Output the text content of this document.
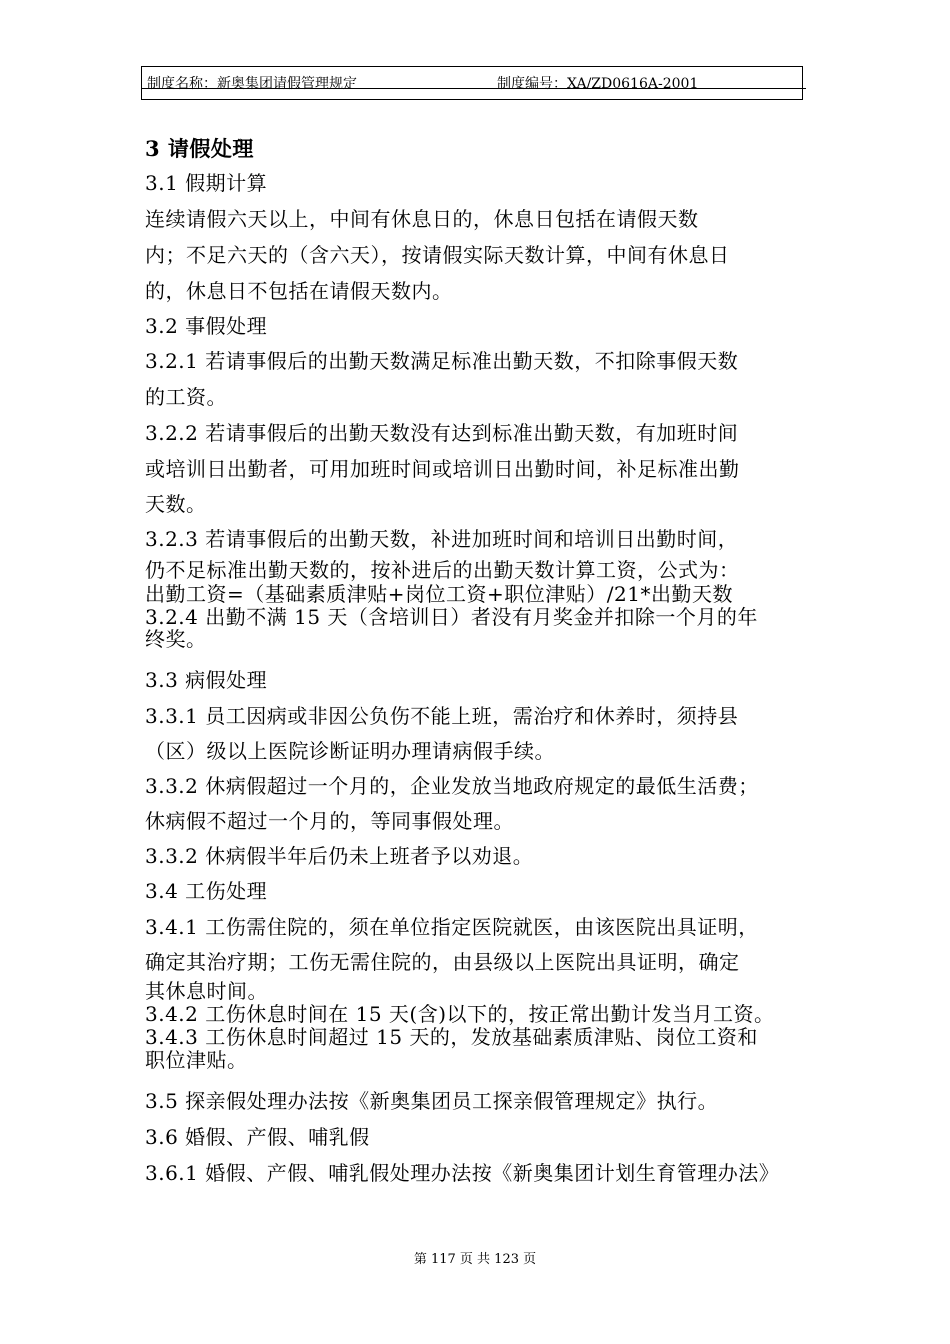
制度名称：新奥集团请假管理规定	制度编号：XA/ZD0616A-2001
3 请假处理
3.1 假期计算
连续请假六天以上，中间有休息日的，休息日包括在请假天数
内；不足六天的（含六天），按请假实际天数计算，中间有休息日
的，休息日不包括在请假天数内。
3.2 事假处理
3.2.1 若请事假后的出勤天数满足标准出勤天数，不扣除事假天数
的工资。
3.2.2 若请事假后的出勤天数没有达到标准出勤天数，有加班时间
或培训日出勤者，可用加班时间或培训日出勤时间，补足标准出勤
天数。
3.2.3 若请事假后的出勤天数，补进加班时间和培训日出勤时间，
仍不足标准出勤天数的，按补进后的出勤天数计算工资，公式为：
出勤工资=（基础素质津贴+岗位工资+职位津贴）/21*出勤天数
3.2.4 出勤不满 15 天（含培训日）者没有月奖金并扣除一个月的年
终奖。
3.3 病假处理
3.3.1 员工因病或非因公负伤不能上班，需治疗和休养时，须持县
（区）级以上医院诊断证明办理请病假手续。
3.3.2 休病假超过一个月的，企业发放当地政府规定的最低生活费；
休病假不超过一个月的，等同事假处理。
3.3.2 休病假半年后仍未上班者予以劝退。
3.4 工伤处理
3.4.1 工伤需住院的，须在单位指定医院就医，由该医院出具证明，
确定其治疗期；工伤无需住院的，由县级以上医院出具证明，确定
其休息时间。
3.4.2 工伤休息时间在 15 天(含)以下的，按正常出勤计发当月工资。
3.4.3 工伤休息时间超过 15 天的，发放基础素质津贴、岗位工资和
职位津贴。
3.5 探亲假处理办法按《新奥集团员工探亲假管理规定》执行。
3.6 婚假、产假、哺乳假
3.6.1 婚假、产假、哺乳假处理办法按《新奥集团计划生育管理办法》
第 117 页 共 123 页
